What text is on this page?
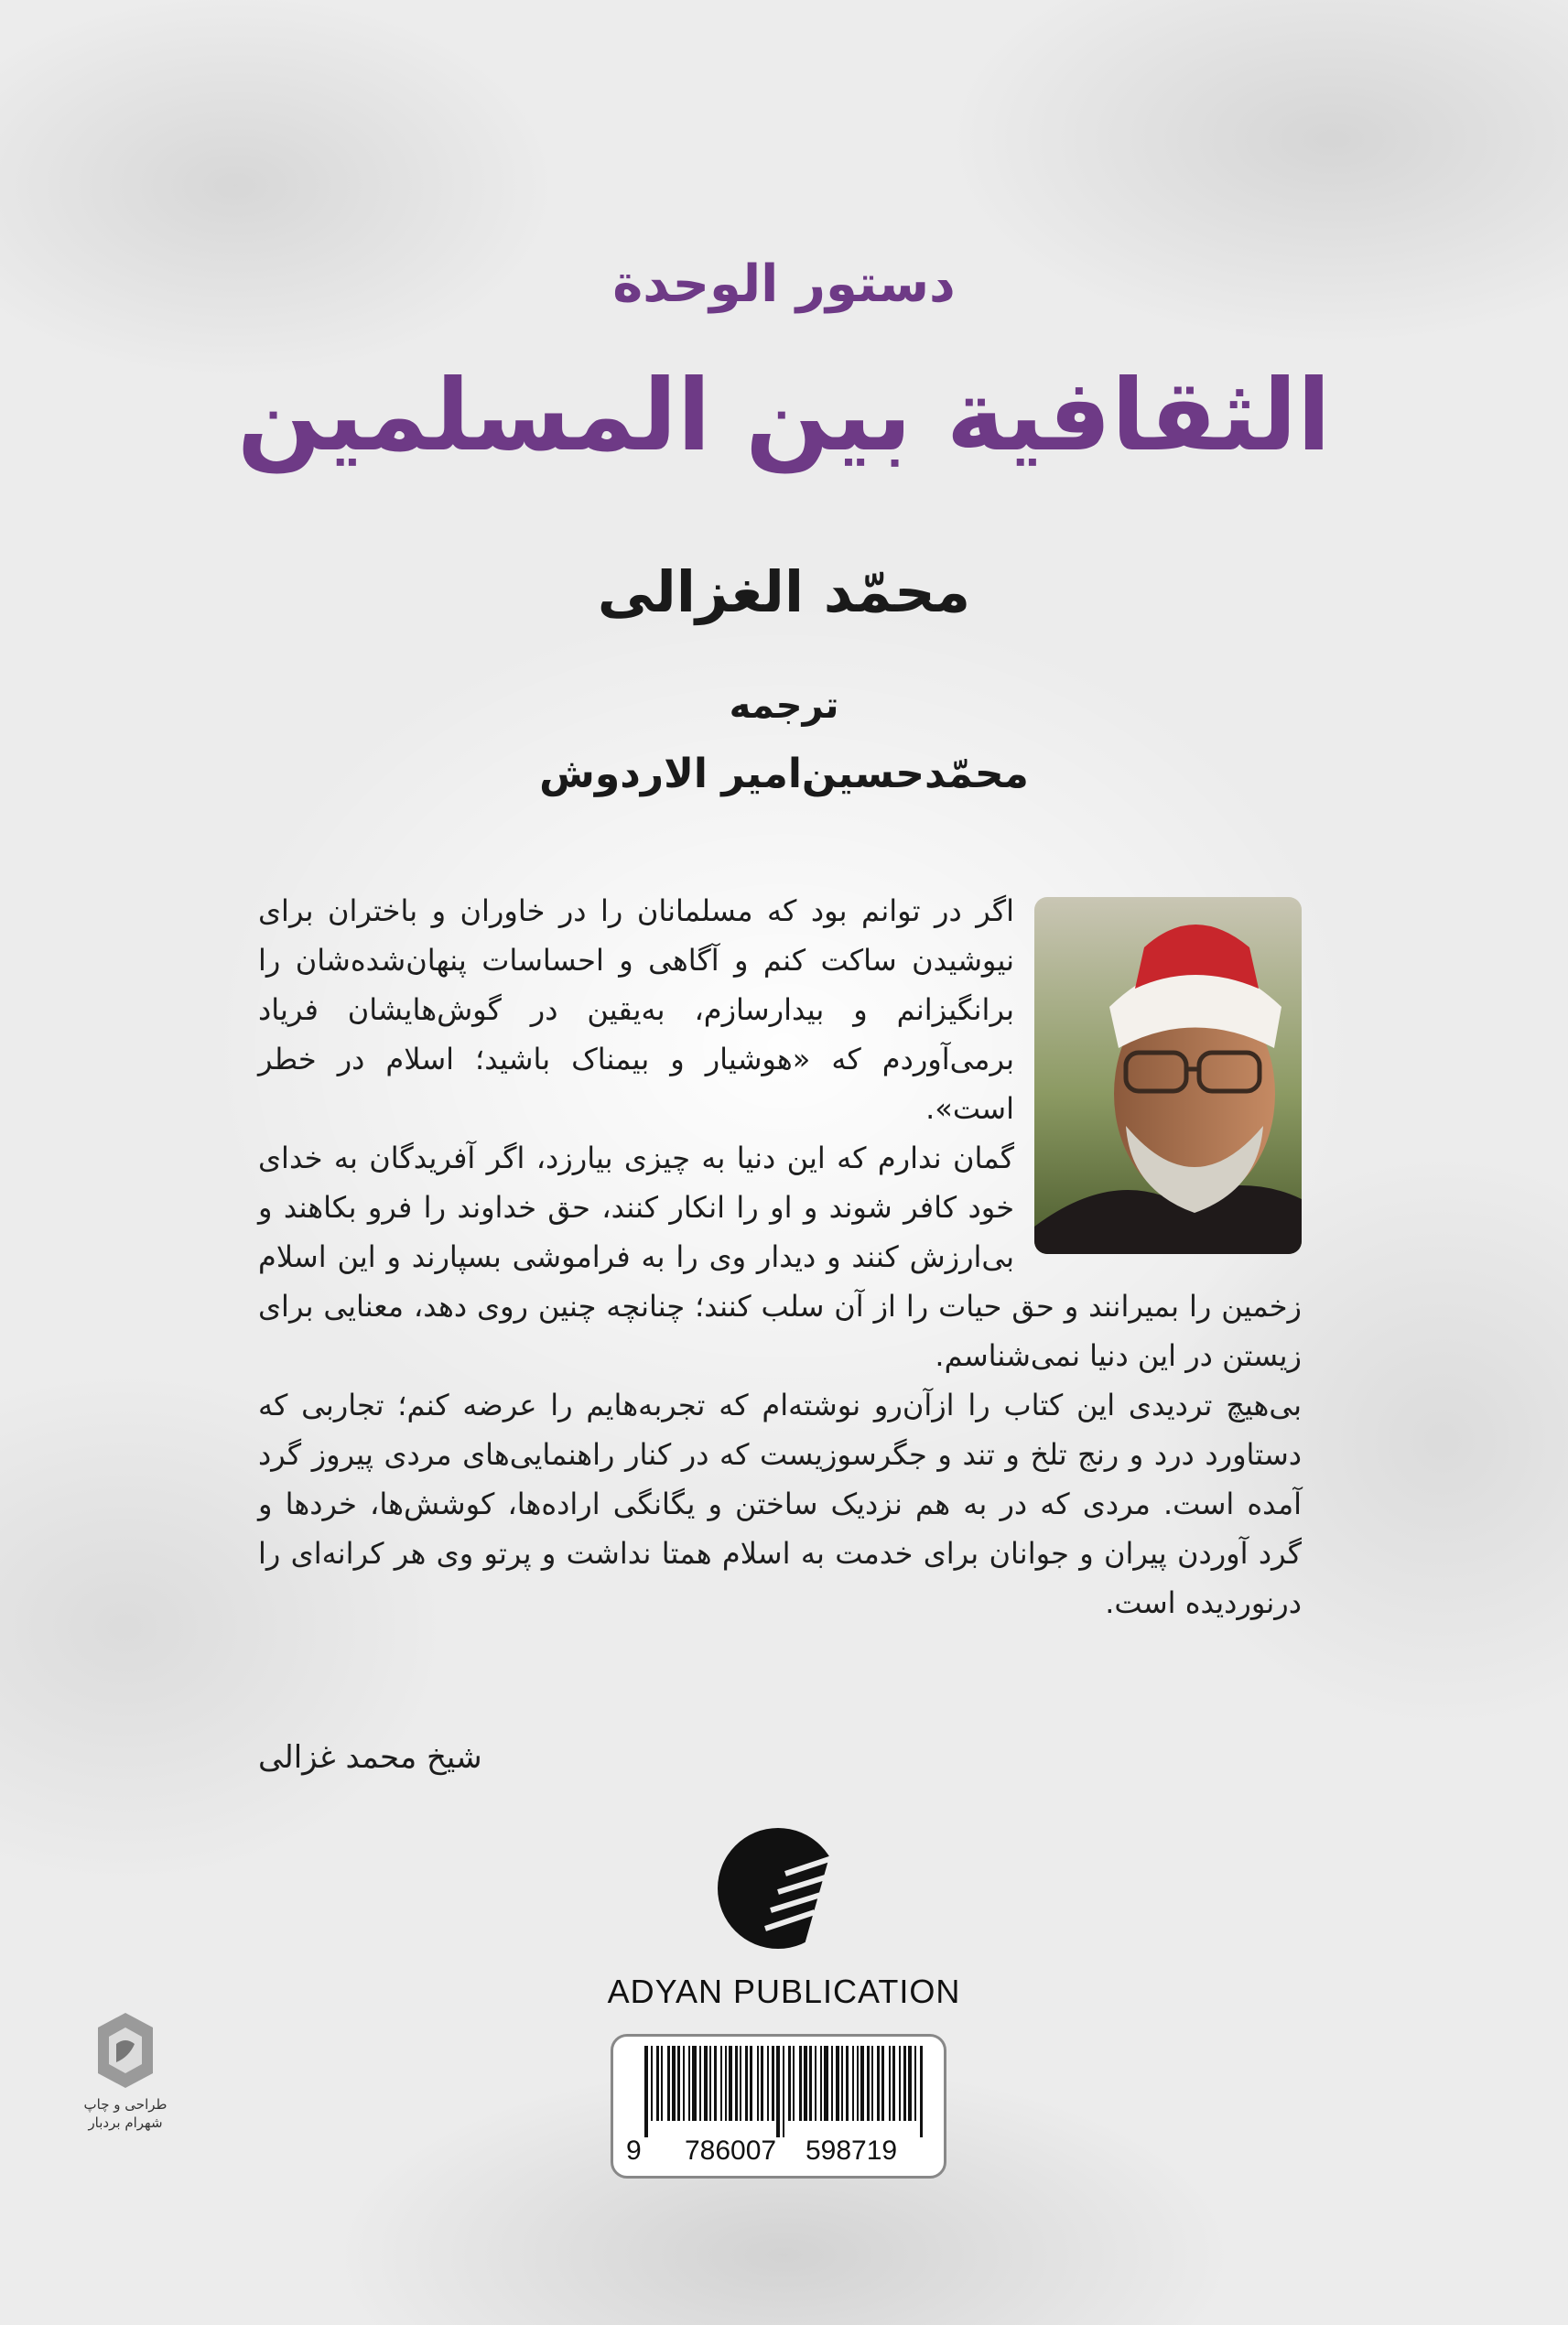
دستور الوحدة
الثقافية بين المسلمين
محمّد الغزالی
ترجمه
محمّدحسین‌امیر الاردوش

اگر در توانم بود که مسلمانان را در خاوران و باختران برای نیوشیدن ساکت کنم و آگاهی و احساسات پنهان‌شده‌شان را برانگیزانم و بیدارسازم، به‌یقین در گوش‌هایشان فریاد برمی‌آوردم که «هوشیار و بیمناک باشید؛ اسلام در خطر است».

گمان ندارم که این دنیا به چیزی بیارزد، اگر آفریدگان به خدای خود کافر شوند و او را انکار کنند، حق خداوند را فرو بکاهند و بی‌ارزش کنند و دیدار وی را به فراموشی بسپارند و این اسلام زخمین را بمیرانند و حق حیات را از آن سلب کنند؛ چنانچه چنین روی دهد، معنایی برای زیستن در این دنیا نمی‌شناسم.

بی‌هیچ تردیدی این کتاب را ازآن‌رو نوشته‌ام که تجربه‌هایم را عرضه کنم؛ تجاربی که دستاورد درد و رنج تلخ و تند و جگرسوزیست که در کنار راهنمایی‌های مردی پیروز گرد آمده است. مردی که در به هم نزدیک ساختن و یگانگی اراده‌ها، کوشش‌ها، خردها و گرد آوردن پیران و جوانان برای خدمت به اسلام همتا نداشت و پرتو وی هر کرانه‌ای را درنوردیده است.

شیخ محمد غزالی
ADYAN PUBLICATION
9 786007 598719
طراحی و چاپ
شهرام بردبار
